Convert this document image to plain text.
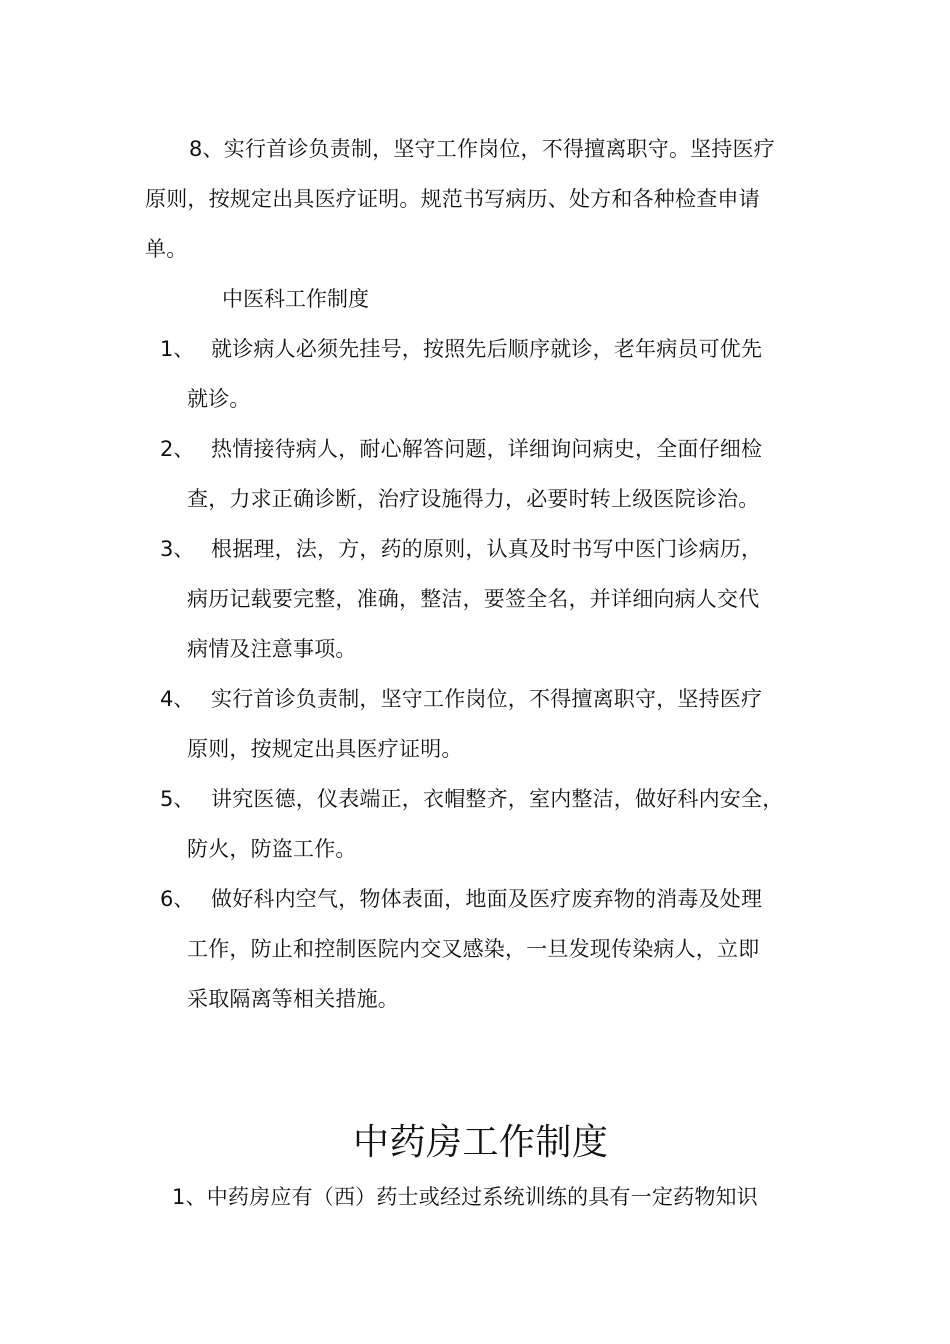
8、实行首诊负责制，坚守工作岗位，不得擅离职守。坚持医疗
原则，按规定出具医疗证明。规范书写病历、处方和各种检查申请
单。
中医科工作制度
1、 就诊病人必须先挂号，按照先后顺序就诊，老年病员可优先
就诊。
2、 热情接待病人，耐心解答问题，详细询问病史，全面仔细检
查，力求正确诊断，治疗设施得力，必要时转上级医院诊治。
3、 根据理，法，方，药的原则，认真及时书写中医门诊病历，
病历记载要完整，准确，整洁，要签全名，并详细向病人交代
病情及注意事项。
4、 实行首诊负责制，坚守工作岗位，不得擅离职守，坚持医疗
原则，按规定出具医疗证明。
5、 讲究医德，仪表端正，衣帽整齐，室内整洁，做好科内安全，
防火，防盗工作。
6、 做好科内空气，物体表面，地面及医疗废弃物的消毒及处理
工作，防止和控制医院内交叉感染，一旦发现传染病人，立即
采取隔离等相关措施。
中药房工作制度
1、中药房应有（西）药士或经过系统训练的具有一定药物知识
